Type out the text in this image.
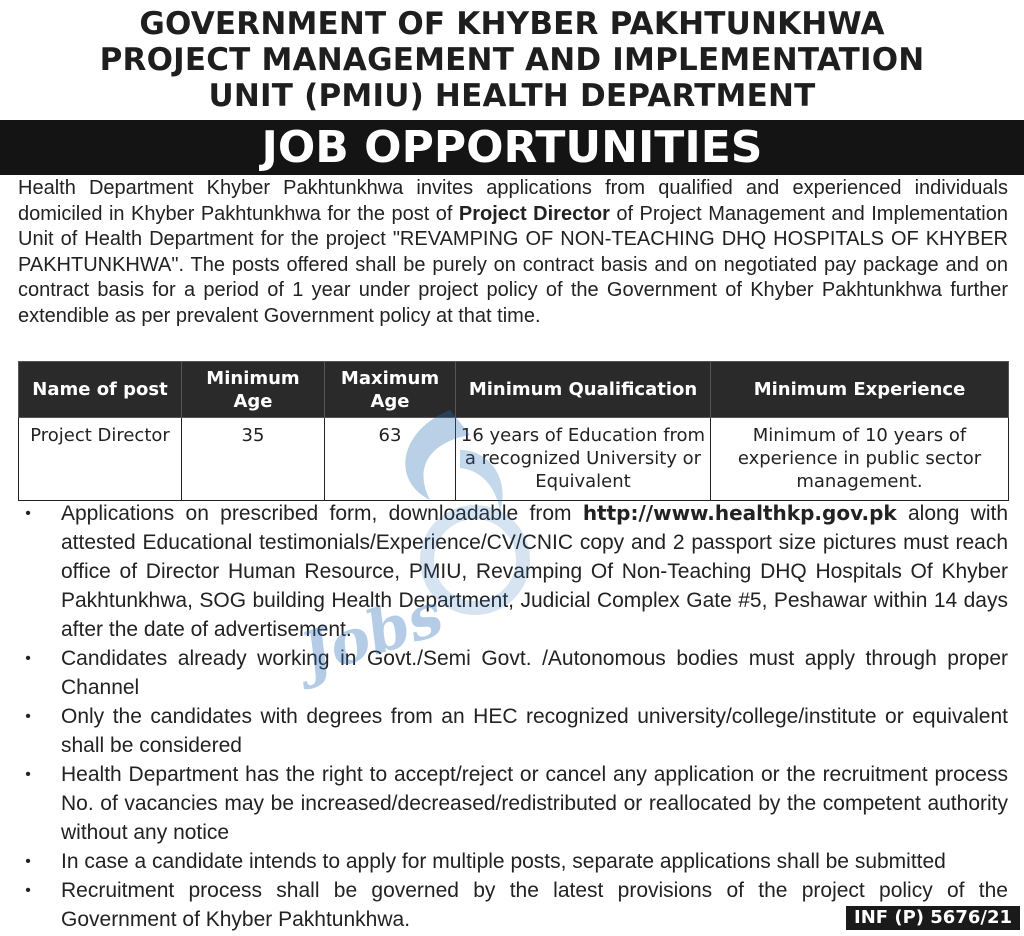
GOVERNMENT OF KHYBER PAKHTUNKHWA
PROJECT MANAGEMENT AND IMPLEMENTATION
UNIT (PMIU) HEALTH DEPARTMENT
JOB OPPORTUNITIES
Health Department Khyber Pakhtunkhwa invites applications from qualified and experienced individuals domiciled in Khyber Pakhtunkhwa for the post of Project Director of Project Management and Implementation Unit of Health Department for the project "REVAMPING OF NON-TEACHING DHQ HOSPITALS OF KHYBER PAKHTUNKHWA". The posts offered shall be purely on contract basis and on negotiated pay package and on contract basis for a period of 1 year under project policy of the Government of Khyber Pakhtunkhwa further extendible as per prevalent Government policy at that time.
Name of post	Minimum Age	Maximum Age	Minimum Qualification	Minimum Experience
Project Director	35	63	16 years of Education from a recognized University or Equivalent	Minimum of 10 years of experience in public sector management.
•	Applications on prescribed form, downloadable from http://www.healthkp.gov.pk along with attested Educational testimonials/Experience/CV/CNIC copy and 2 passport size pictures must reach office of Director Human Resource, PMIU, Revamping Of Non-Teaching DHQ Hospitals Of Khyber Pakhtunkhwa, SOG building Health Department, Judicial Complex Gate #5, Peshawar within 14 days after the date of advertisement.
•	Candidates already working in Govt./Semi Govt. /Autonomous bodies must apply through proper Channel
•	Only the candidates with degrees from an HEC recognized university/college/institute or equivalent shall be considered
•	Health Department has the right to accept/reject or cancel any application or the recruitment process No. of vacancies may be increased/decreased/redistributed or reallocated by the competent authority without any notice
•	In case a candidate intends to apply for multiple posts, separate applications shall be submitted
•	Recruitment process shall be governed by the latest provisions of the project policy of the Government of Khyber Pakhtunkhwa.
Jobs
INF (P) 5676/21
